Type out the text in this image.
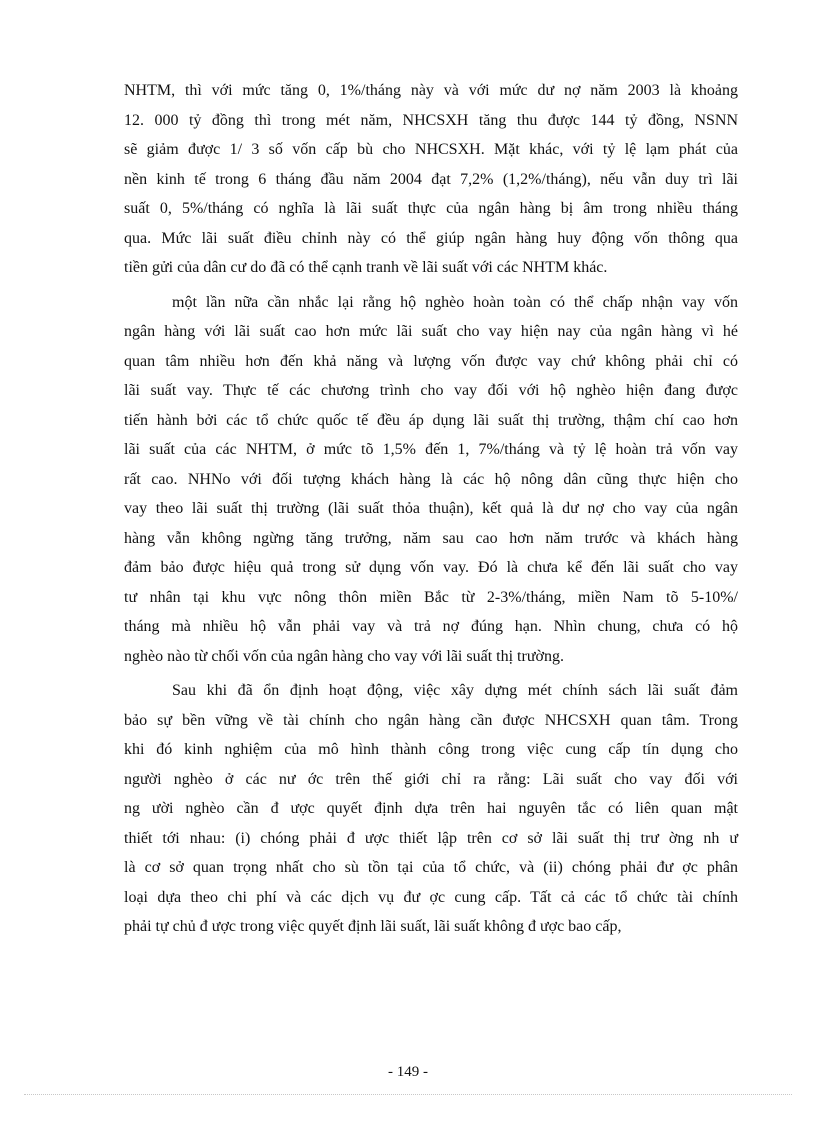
NHTM, thì với mức tăng 0, 1%/tháng này và với mức dư nợ năm 2003 là khoảng
12. 000 tỷ đồng thì trong mét năm, NHCSXH tăng thu được 144 tỷ đồng, NSNN
sẽ giảm được 1/ 3 số vốn cấp bù cho NHCSXH. Mặt khác, với tỷ lệ lạm phát của
nền kinh tế trong 6 tháng đầu năm 2004 đạt 7,2% (1,2%/tháng), nếu vẫn duy trì lãi
suất 0, 5%/tháng có nghĩa là lãi suất thực của ngân hàng bị âm trong nhiều tháng
qua. Mức lãi suất điều chỉnh này có thể giúp ngân hàng huy động vốn thông qua
tiền gửi của dân cư do đã có thể cạnh tranh về lãi suất với các NHTM khác.

một lần nữa cần nhắc lại rằng hộ nghèo hoàn toàn có thể chấp nhận vay vốn
ngân hàng với lãi suất cao hơn mức lãi suất cho vay hiện nay của ngân hàng vì hé
quan tâm nhiều hơn đến khả năng và lượng vốn được vay chứ không phải chỉ có
lãi suất vay. Thực tế các chương trình cho vay đối với hộ nghèo hiện đang được
tiến hành bởi các tổ chức quốc tế đều áp dụng lãi suất thị trường, thậm chí cao hơn
lãi suất của các NHTM, ở mức tõ 1,5% đến 1, 7%/tháng và tỷ lệ hoàn trả vốn vay
rất cao. NHNo với đối tượng khách hàng là các hộ nông dân cũng thực hiện cho
vay theo lãi suất thị trường (lãi suất thỏa thuận), kết quả là dư nợ cho vay của ngân
hàng vẫn không ngừng tăng trưởng, năm sau cao hơn năm trước và khách hàng
đảm bảo được hiệu quả trong sử dụng vốn vay. Đó là chưa kể đến lãi suất cho vay
tư nhân tại khu vực nông thôn miền Bắc từ 2-3%/tháng, miền Nam tõ 5-10%/
tháng mà nhiều hộ vẫn phải vay và trả nợ đúng hạn. Nhìn chung, chưa có hộ
nghèo nào từ chối vốn của ngân hàng cho vay với lãi suất thị trường.

Sau khi đã ổn định hoạt động, việc xây dựng mét chính sách lãi suất đảm
bảo sự bền vững về tài chính cho ngân hàng cần được NHCSXH quan tâm. Trong
khi đó kinh nghiệm của mô hình thành công trong việc cung cấp tín dụng cho
người nghèo ở các nư ớc trên thế giới chỉ ra rằng: Lãi suất cho vay đối với
ng ười nghèo cần đ ược quyết định dựa trên hai nguyên tắc có liên quan mật
thiết tới nhau: (i) chóng phải đ ược thiết lập trên cơ sở lãi suất thị trư ờng nh ư
là cơ sở quan trọng nhất cho sù tồn tại của tổ chức, và (ii) chóng phải đư ợc phân
loại dựa theo chi phí và các dịch vụ đư ợc cung cấp. Tất cả các tổ chức tài chính
phải tự chủ đ ược trong việc quyết định lãi suất, lãi suất không đ ược bao cấp,

- 149 -
